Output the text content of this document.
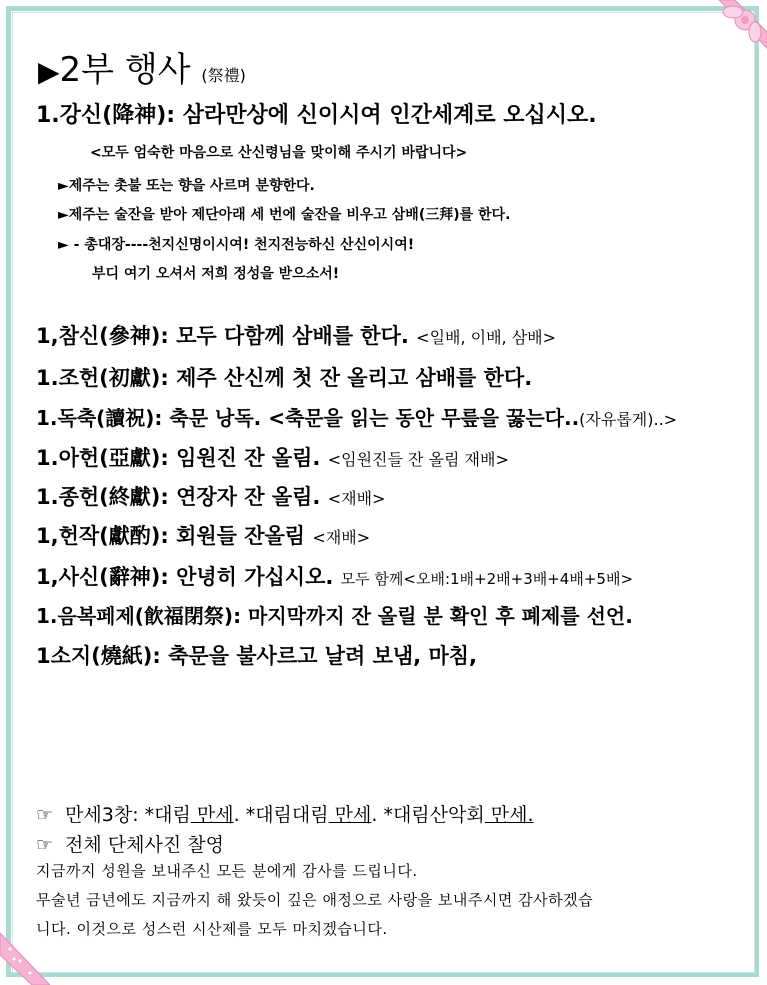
▶2부 행사 (祭禮)
1.강신(降神): 삼라만상에 신이시여 인간세계로 오십시오.
<모두 엄숙한 마음으로 산신령님을 맞이해 주시기 바랍니다>
►제주는 촛불 또는 향을 사르며 분향한다.
►제주는 술잔을 받아 제단아래 세 번에 술잔을 비우고 삼배(三拜)를 한다.
► - 총대장----천지신명이시여! 천지전능하신 산신이시여!
부디 여기 오셔서 저희 정성을 받으소서!
1,참신(參神): 모두 다함께 삼배를 한다. <일배, 이배, 삼배>
1.조헌(初獻): 제주 산신께 첫 잔 올리고 삼배를 한다.
1.독축(讀祝): 축문 낭독. <축문을 읽는 동안 무릎을 꿇는다..(자유롭게)..>
1.아헌(亞獻): 임원진 잔 올림. <임원진들 잔 올림 재배>
1.종헌(終獻): 연장자 잔 올림. <재배>
1,헌작(獻酌): 회원들 잔올림 <재배>
1,사신(辭神): 안녕히 가십시오. 모두 함께<오배:1배+2배+3배+4배+5배>
1.음복페제(飮福閉祭): 마지막까지 잔 올릴 분 확인 후 폐제를 선언.
1소지(燒紙): 축문을 불사르고 날려 보냄, 마침,
☞ 만세3창: *대림 만세. *대림대림 만세. *대림산악회 만세.
☞ 전체 단체사진 찰영
지금까지 성원을 보내주신 모든 분에게 감사를 드립니다.
무술년 금년에도 지금까지 해 왔듯이 깊은 애정으로 사랑을 보내주시면 감사하겠습
니다. 이것으로 성스런 시산제를 모두 마치겠습니다.
